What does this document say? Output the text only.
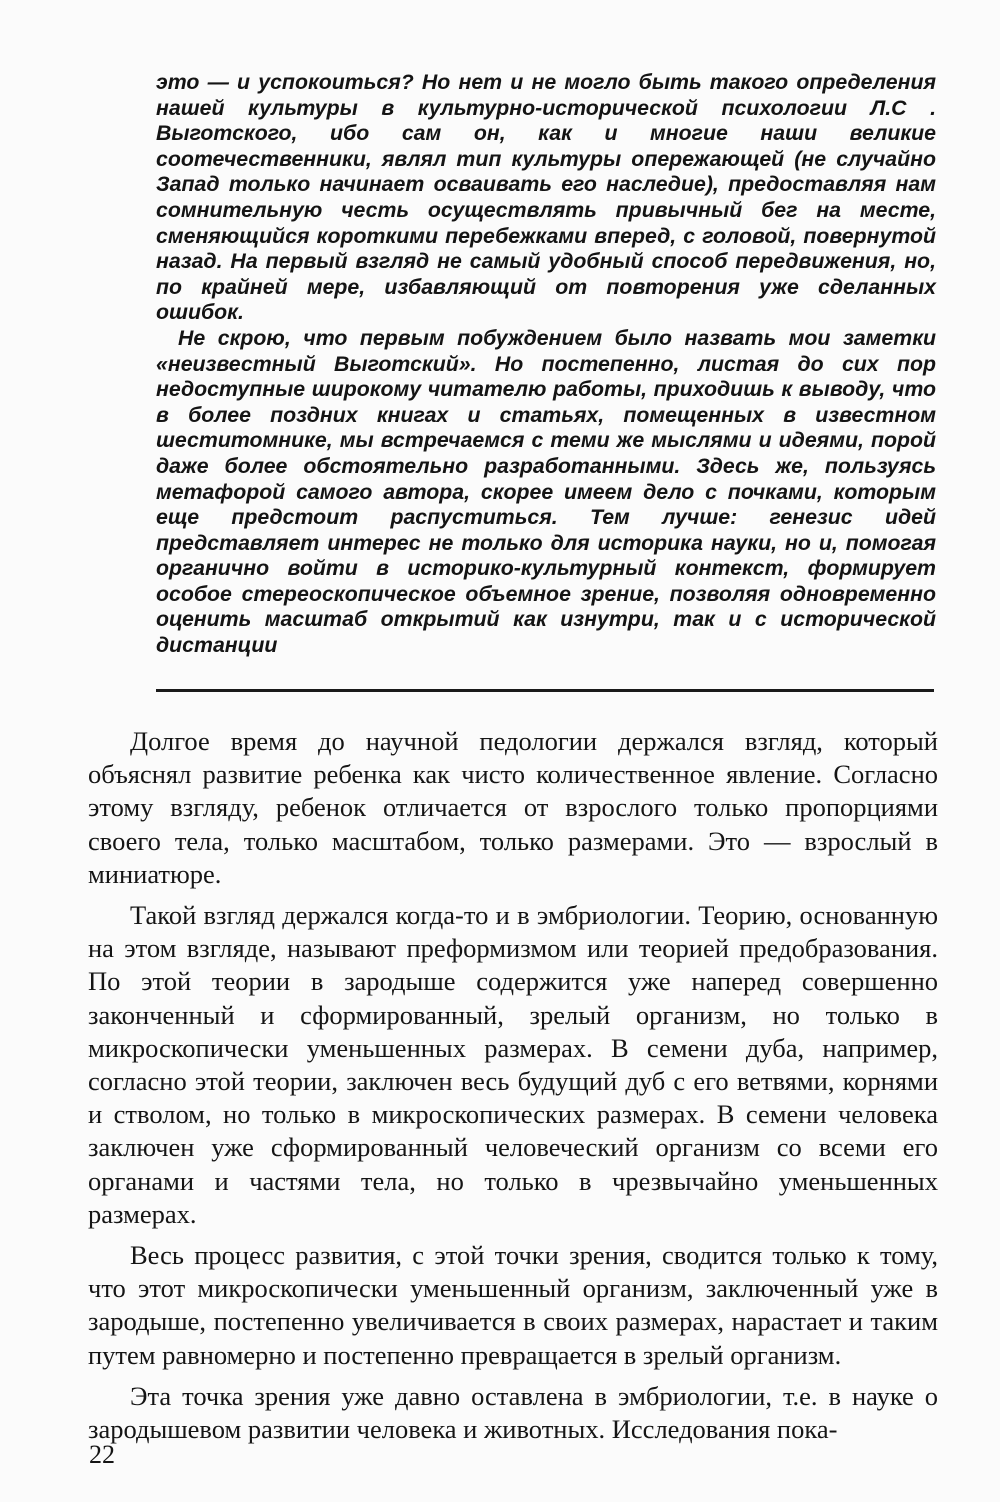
это — и успокоиться? Но нет и не могло быть такого определения нашей культуры в культурно-исторической психологии Л.С . Выготского, ибо сам он, как и многие наши великие соотечественники, являл тип культуры опережающей (не случайно Запад только начинает осваивать его наследие), предоставляя нам сомнительную честь осуществлять привычный бег на месте, сменяющийся короткими перебежками вперед, с головой, повернутой назад. На первый взгляд не самый удобный способ передвижения, но, по крайней мере, избавляющий от повторения уже сделанных ошибок.

Не скрою, что первым побуждением было назвать мои заметки «неизвестный Выготский». Но постепенно, листая до сих пор недоступные широкому читателю работы, приходишь к выводу, что в более поздних книгах и статьях, помещенных в известном шеститомнике, мы встречаемся с теми же мыслями и идеями, порой даже более обстоятельно разработанными. Здесь же, пользуясь метафорой самого автора, скорее имеем дело с почками, которым еще предстоит распуститься. Тем лучше: генезис идей представляет интерес не только для историка науки, но и, помогая органично войти в историко-культурный контекст, формирует особое стереоскопическое объемное зрение, позволяя одновременно оценить масштаб открытий как изнутри, так и с исторической дистанции

Долгое время до научной педологии держался взгляд, который объяснял развитие ребенка как чисто количественное явление. Согласно этому взгляду, ребенок отличается от взрослого только пропорциями своего тела, только масштабом, только размерами. Это — взрослый в миниатюре.

Такой взгляд держался когда-то и в эмбриологии. Теорию, основанную на этом взгляде, называют преформизмом или теорией предобразования. По этой теории в зародыше содержится уже наперед совершенно законченный и сформированный, зрелый организм, но только в микроскопически уменьшенных размерах. В семени дуба, например, согласно этой теории, заключен весь будущий дуб с его ветвями, корнями и стволом, но только в микроскопических размерах. В семени человека заключен уже сформированный человеческий организм со всеми его органами и частями тела, но только в чрезвычайно уменьшенных размерах.

Весь процесс развития, с этой точки зрения, сводится только к тому, что этот микроскопически уменьшенный организм, заключенный уже в зародыше, постепенно увеличивается в своих размерах, нарастает и таким путем равномерно и постепенно превращается в зрелый организм.

Эта точка зрения уже давно оставлена в эмбриологии, т.е. в науке о зародышевом развитии человека и животных. Исследования пока-

22
